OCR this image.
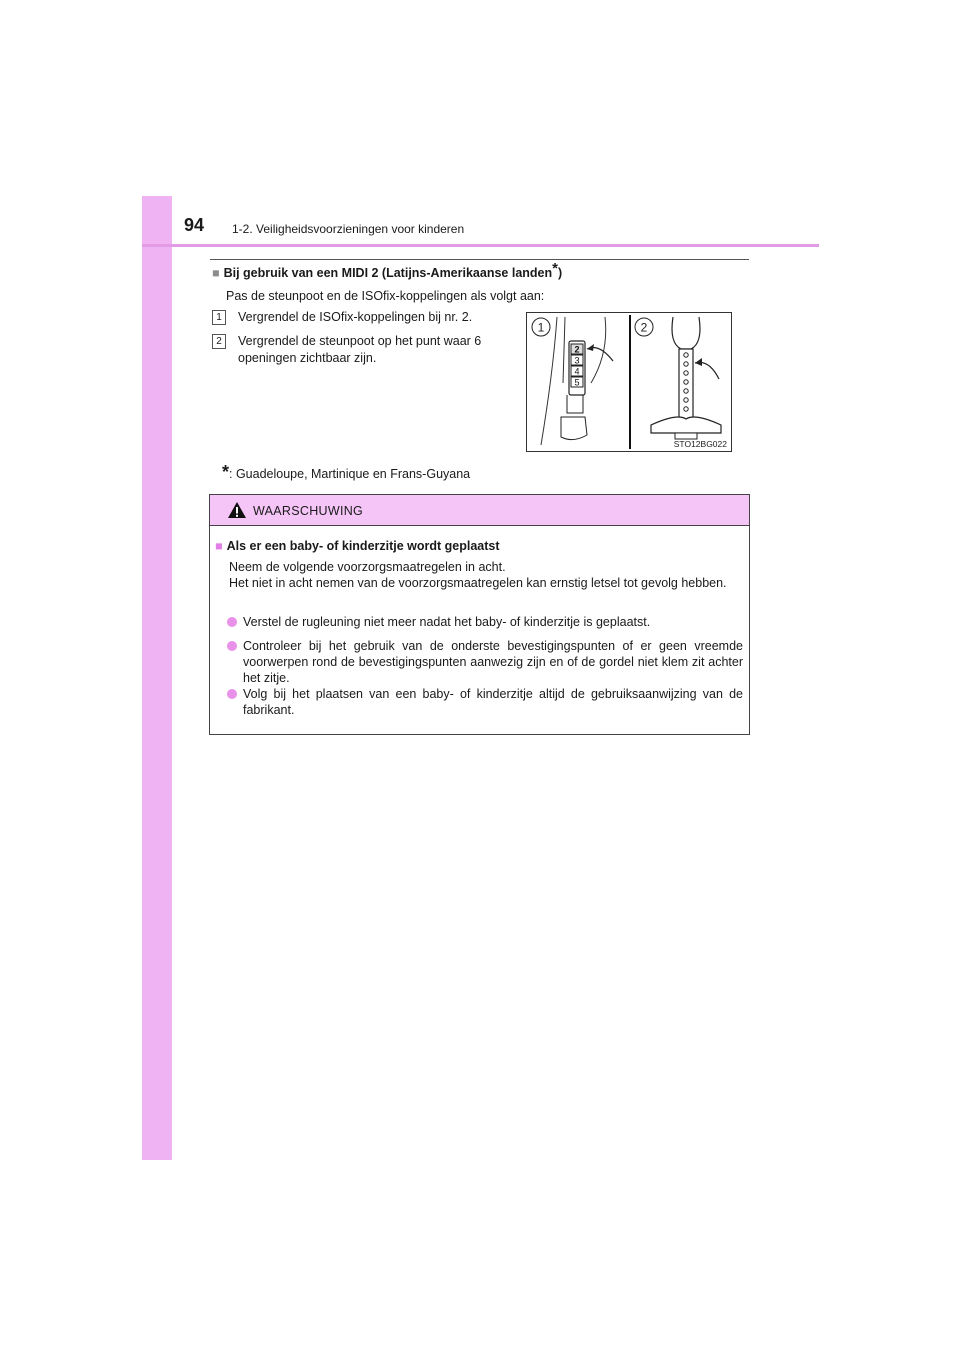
94 1-2. Veiligheidsvoorzieningen voor kinderen
■ Bij gebruik van een MIDI 2 (Latijns-Amerikaanse landen*)
Pas de steunpoot en de ISOfix-koppelingen als volgt aan:
1	Vergrendel de ISOfix-koppelingen bij nr. 2.
2	Vergrendel de steunpoot op het punt waar 6 openingen zichtbaar zijn.
1	2
2
3
4
5
STO12BG022
*: Guadeloupe, Martinique en Frans-Guyana
WAARSCHUWING
■ Als er een baby- of kinderzitje wordt geplaatst
Neem de volgende voorzorgsmaatregelen in acht.
Het niet in acht nemen van de voorzorgsmaatregelen kan ernstig letsel tot gevolg hebben.
Verstel de rugleuning niet meer nadat het baby- of kinderzitje is geplaatst.
Controleer bij het gebruik van de onderste bevestigingspunten of er geen vreemde voorwerpen rond de bevestigingspunten aanwezig zijn en of de gordel niet klem zit achter het zitje.
Volg bij het plaatsen van een baby- of kinderzitje altijd de gebruiksaanwijzing van de fabrikant.
